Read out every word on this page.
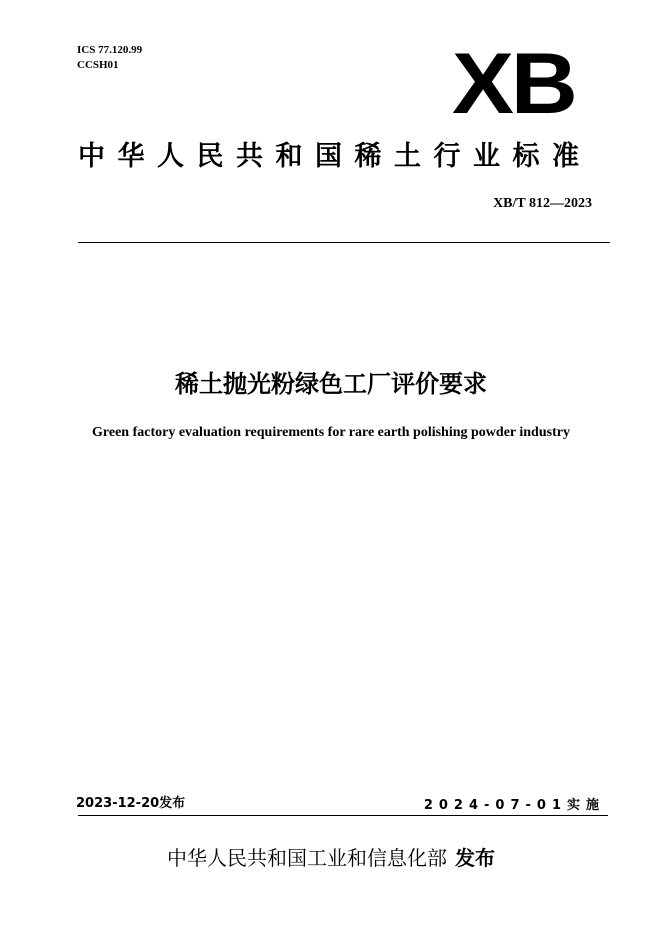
ICS 77.120.99
CCSH01	XB
中华人民共和国稀土行业标准
XB/T 812—2023
稀土抛光粉绿色工厂评价要求
Green factory evaluation requirements for rare earth polishing powder industry
2023-12-20发布	2024-07-01实施
中华人民共和国工业和信息化部 发布
